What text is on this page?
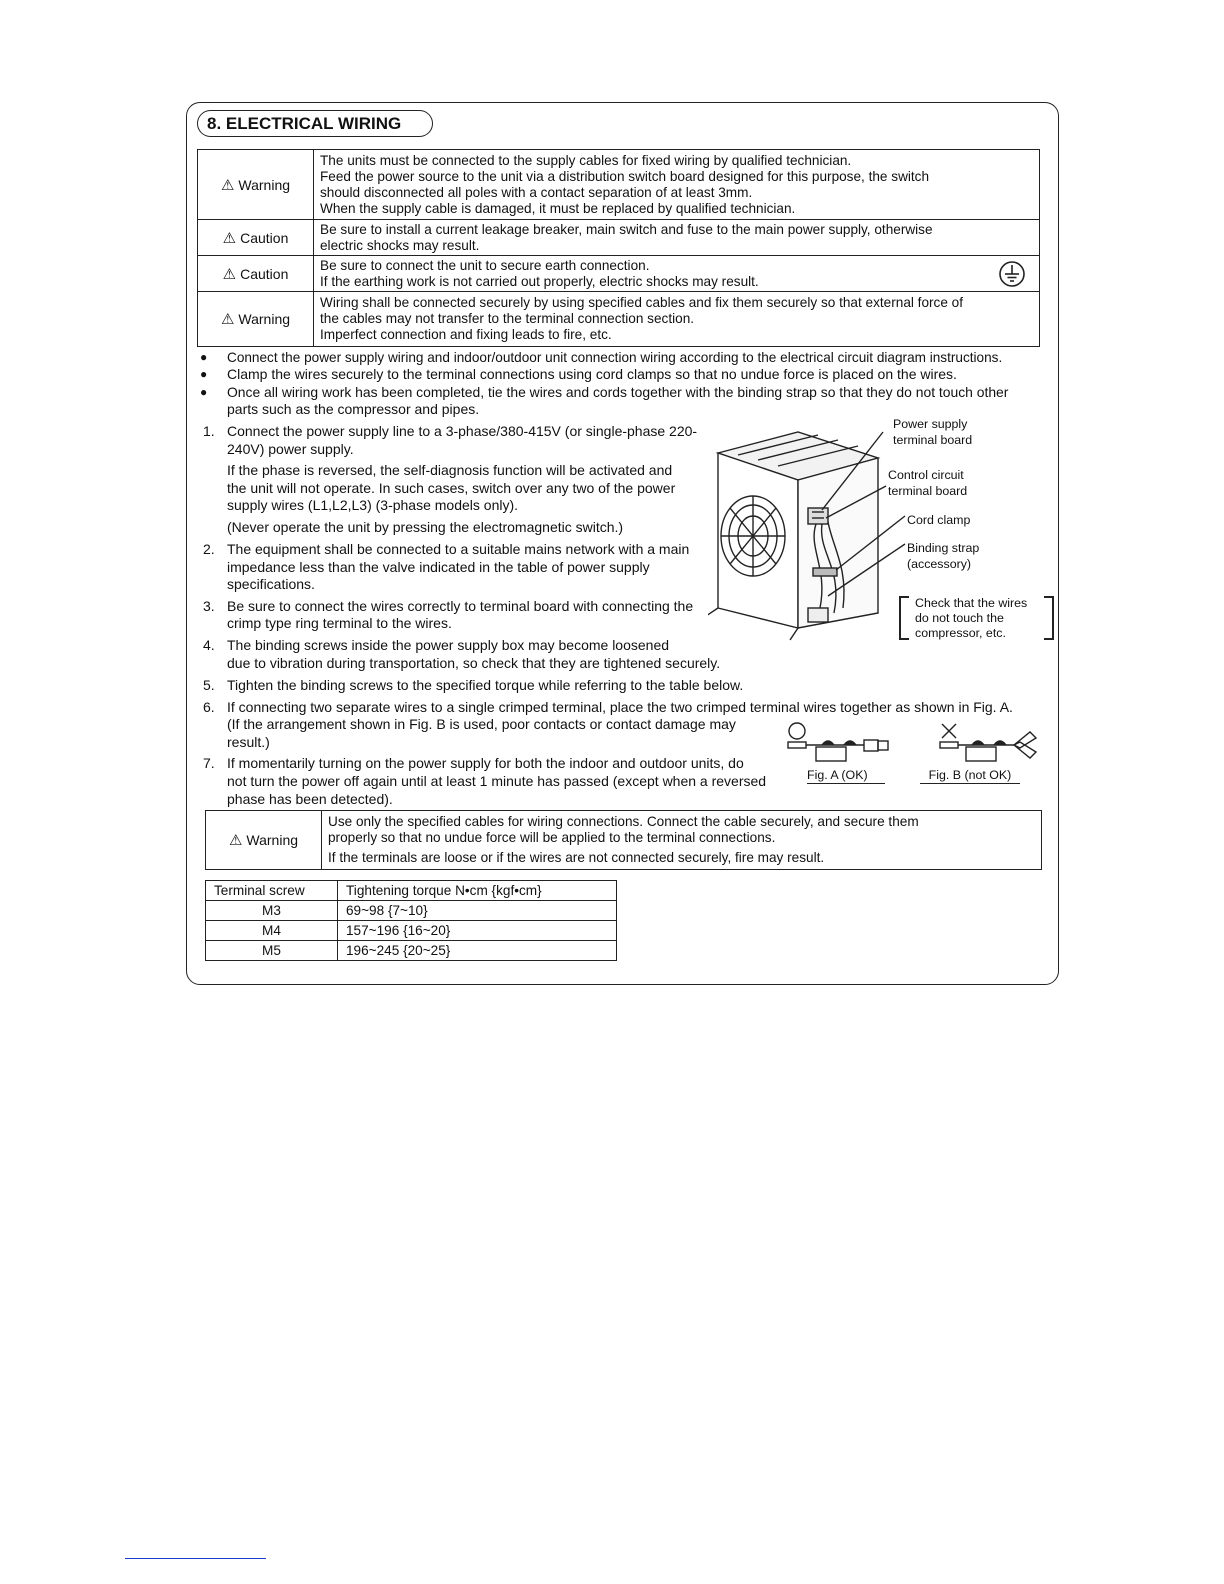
8. ELECTRICAL WIRING
⚠ Warning	The units must be connected to the supply cables for fixed wiring by qualified technician.
Feed the power source to the unit via a distribution switch board designed for this purpose, the switch
should disconnected all poles with a contact separation of at least 3mm.
When the supply cable is damaged, it must be replaced by qualified technician.

⚠ Caution	Be sure to install a current leakage breaker, main switch and fuse to the main power supply, otherwise
electric shocks may result.

⚠ Caution	Be sure to connect the unit to secure earth connection.
If the earthing work is not carried out properly, electric shocks may result.

⚠ Warning	Wiring shall be connected securely by using specified cables and fix them securely so that external force of
the cables may not transfer to the terminal connection section.
Imperfect connection and fixing leads to fire, etc.
● Connect the power supply wiring and indoor/outdoor unit connection wiring according to the electrical circuit diagram instructions.
● Clamp the wires securely to the terminal connections using cord clamps so that no undue force is placed on the wires.
● Once all wiring work has been completed, tie the wires and cords together with the binding strap so that they do not touch other
parts such as the compressor and pipes.
1. Connect the power supply line to a 3-phase/380-415V (or single-phase 220-
240V) power supply.
If the phase is reversed, the self-diagnosis function will be activated and
the unit will not operate. In such cases, switch over any two of the power
supply wires (L1,L2,L3) (3-phase models only).
(Never operate the unit by pressing the electromagnetic switch.)
2. The equipment shall be connected to a suitable mains network with a main
impedance less than the valve indicated in the table of power supply
specifications.
3. Be sure to connect the wires correctly to terminal board with connecting the
crimp type ring terminal to the wires.
4. The binding screws inside the power supply box may become loosened
due to vibration during transportation, so check that they are tightened securely.
5. Tighten the binding screws to the specified torque while referring to the table below.
6. If connecting two separate wires to a single crimped terminal, place the two crimped terminal wires together as shown in Fig. A.
(If the arrangement shown in Fig. B is used, poor contacts or contact damage may
result.)
7. If momentarily turning on the power supply for both the indoor and outdoor units, do
not turn the power off again until at least 1 minute has passed (except when a reversed
phase has been detected).
Power supply
terminal board
Control circuit
terminal board
Cord clamp
Binding strap
(accessory)
Check that the wires
do not touch the
compressor, etc.
Fig. A (OK)	Fig. B (not OK)
⚠ Warning	
Use only the specified cables for wiring connections. Connect the cable securely, and secure them
properly so that no undue force will be applied to the terminal connections.
If the terminals are loose or if the wires are not connected securely, fire may result.
Terminal screw	Tightening torque N•cm {kgf•cm}
M3	69~98 {7~10}
M4	157~196 {16~20}
M5	196~245 {20~25}
